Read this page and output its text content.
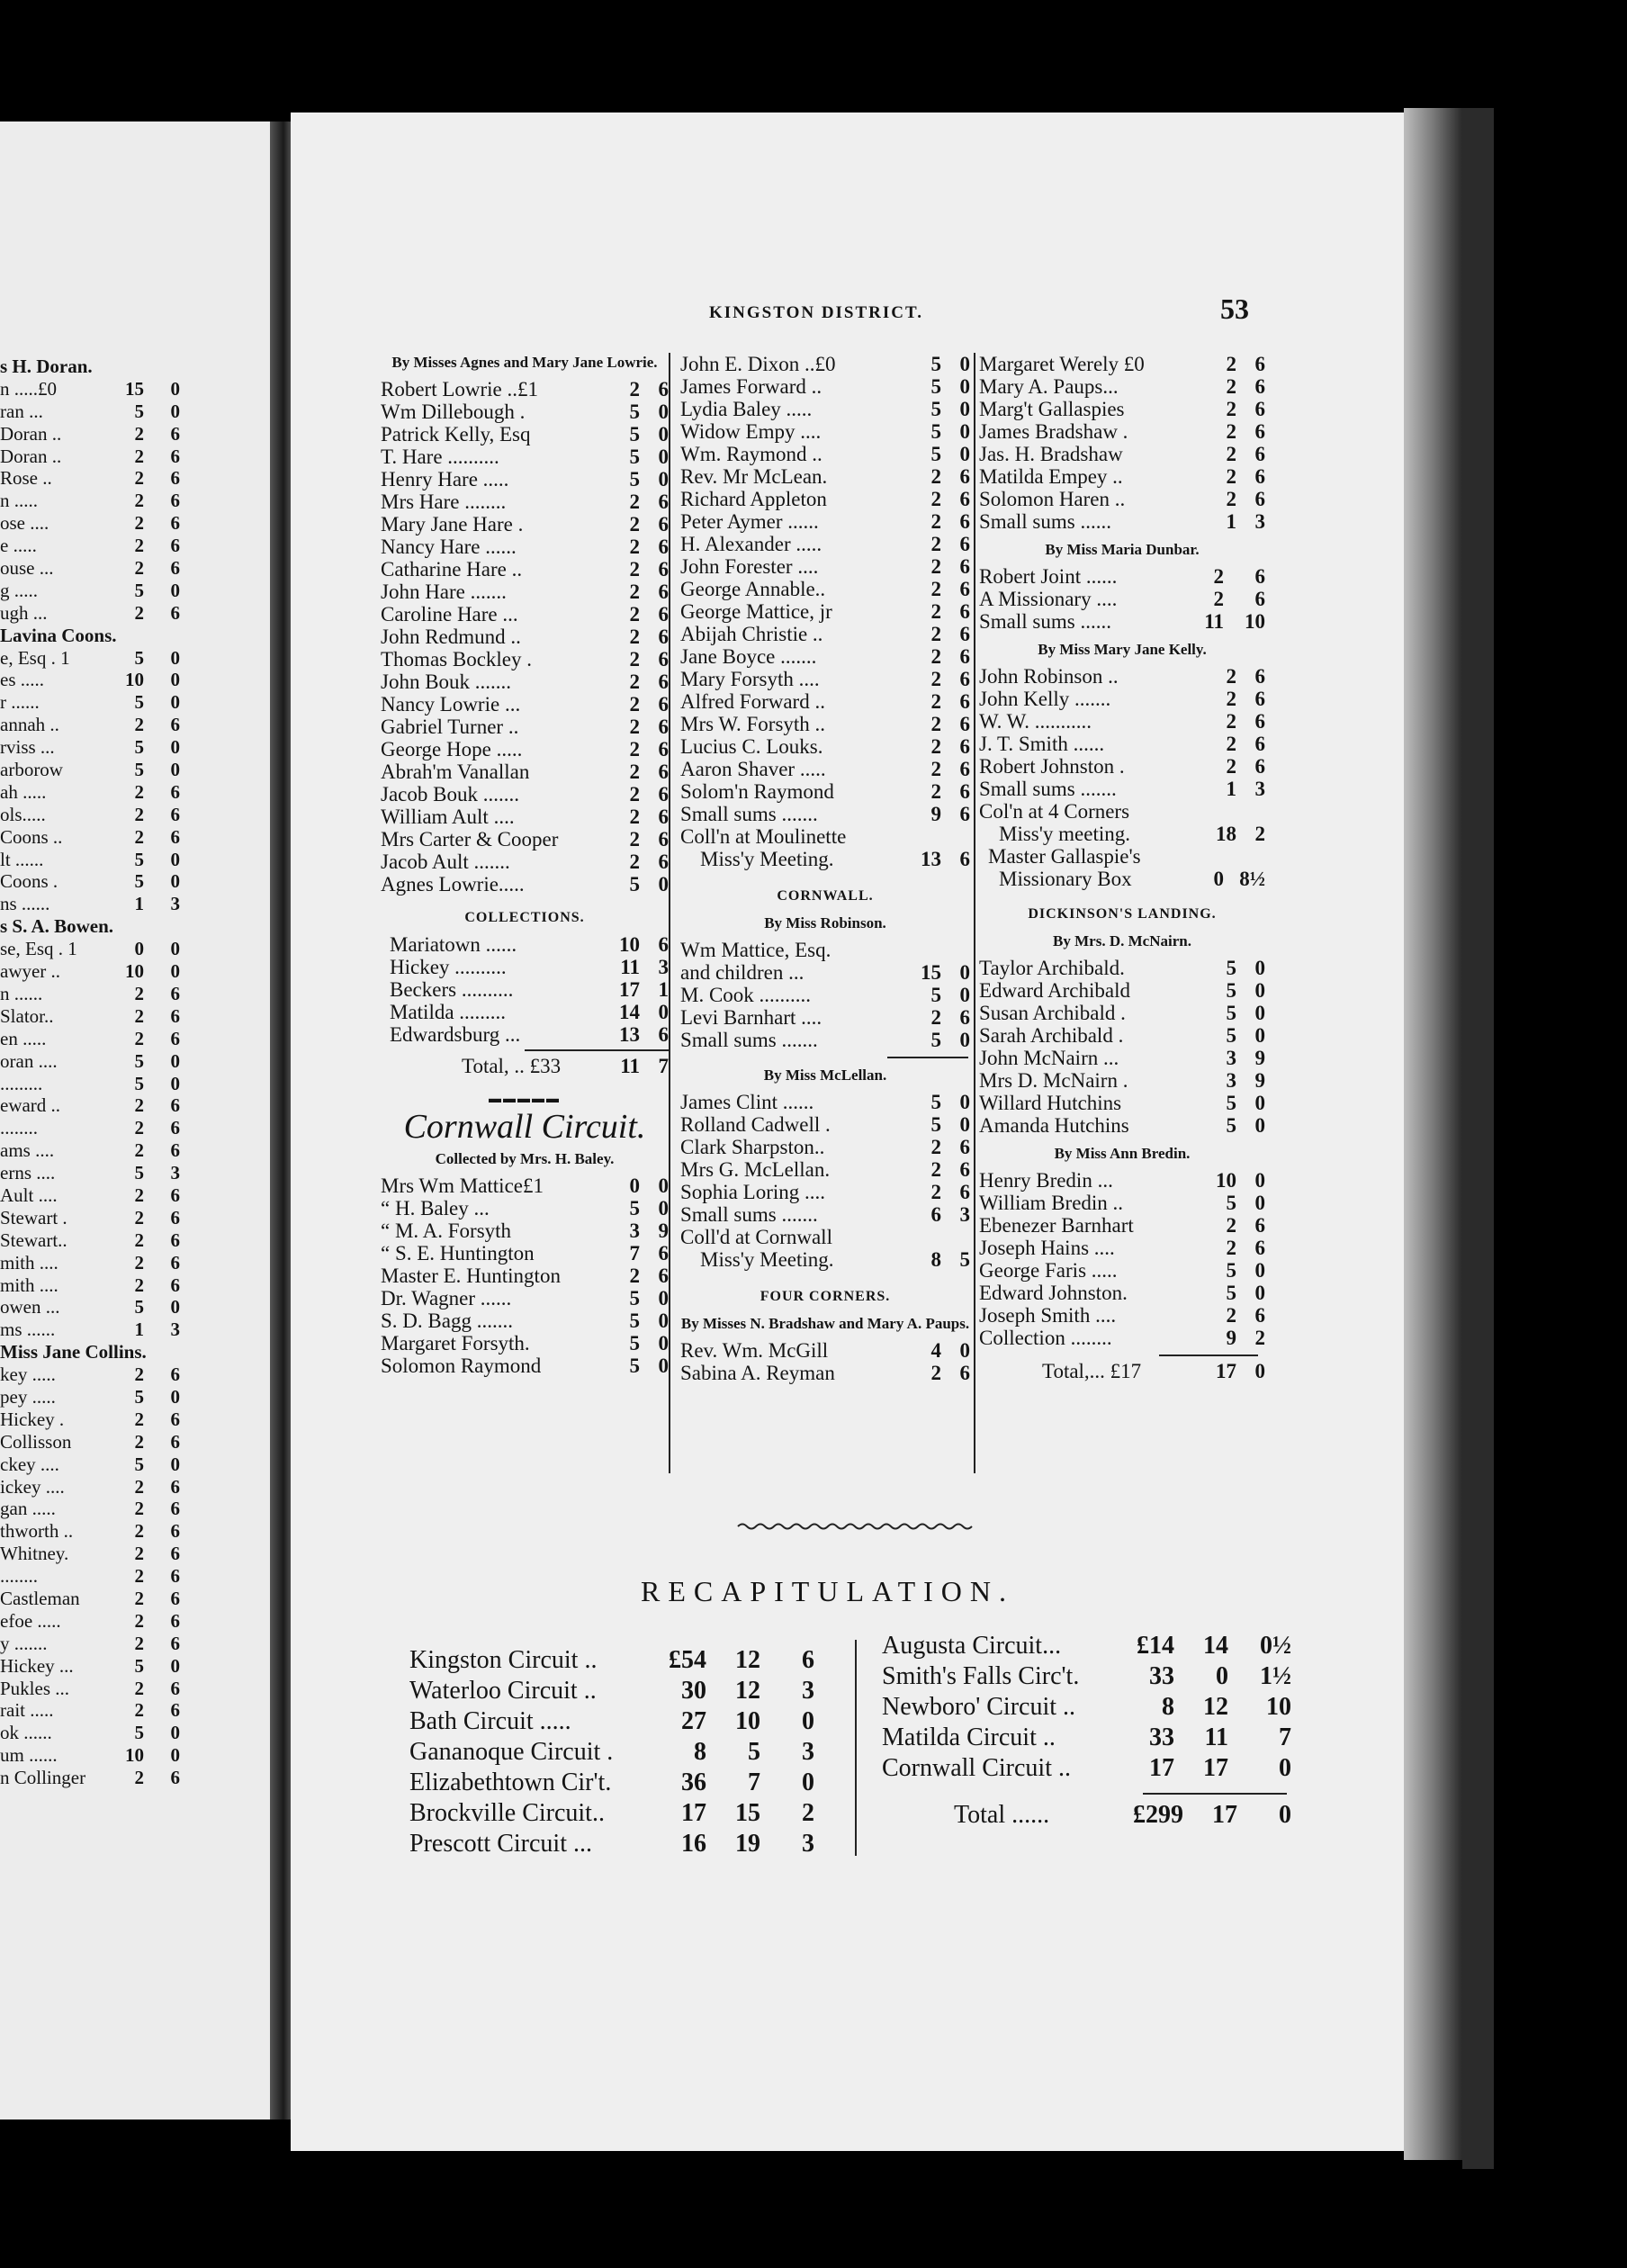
s H. Doran.
n .....£0	15	0
ran ...	5	0
Doran ..	2	6
Doran ..	2	6
Rose ..	2	6
n .....	2	6
ose ....	2	6
e .....	2	6
ouse ...	2	6
g .....	5	0
ugh ...	2	6
Lavina Coons.
e, Esq . 1	5	0
es .....	10	0
r ......	5	0
annah ..	2	6
rviss ...	5	0
arborow	5	0
ah .....	2	6
ols.....	2	6
Coons ..	2	6
lt ......	5	0
Coons .	5	0
ns ......	1	3
s S. A. Bowen.
se, Esq . 1	0	0
awyer ..	10	0
n ......	2	6
Slator..	2	6
en .....	2	6
oran ....	5	0
.........	5	0
eward ..	2	6
........	2	6
ams ....	2	6
erns ....	5	3
Ault ....	2	6
Stewart .	2	6
Stewart..	2	6
mith ....	2	6
mith ....	2	6
owen ...	5	0
ms ......	1	3
Miss Jane Collins.
key .....	2	6
pey .....	5	0
Hickey .	2	6
Collisson	2	6
ckey ....	5	0
ickey ....	2	6
gan .....	2	6
thworth ..	2	6
Whitney.	2	6
........	2	6
Castleman	2	6
efoe .....	2	6
y .......	2	6
Hickey ...	5	0
Pukles ...	2	6
rait .....	2	6
ok ......	5	0
um ......	10	0
n Collinger	2	6
KINGSTON DISTRICT.	53
By Misses Agnes and Mary Jane Lowrie.
Robert Lowrie ..£1	2 6
Wm Dillebough .	5 0
Patrick Kelly, Esq	5 0
T. Hare ..........	5 0
Henry Hare .....	5 0
Mrs Hare ........	2 6
Mary Jane Hare .	2 6
Nancy Hare ......	2 6
Catharine Hare ..	2 6
John Hare .......	2 6
Caroline Hare ...	2 6
John Redmund ..	2 6
Thomas Bockley .	2 6
John Bouk .......	2 6
Nancy Lowrie ...	2 6
Gabriel Turner ..	2 6
George Hope .....	2 6
Abrah'm Vanallan	2 6
Jacob Bouk .......	2 6
William Ault ....	2 6
Mrs Carter & Cooper	2 6
Jacob Ault .......	2 6
Agnes Lowrie.....	5 0
COLLECTIONS.
Mariatown ......	10 6
Hickey ..........	11 3
Beckers ..........	17 1
Matilda .........	14 0
Edwardsburg ...	13 6
Total, .. £33	11 7
▬▬▬▬▬
Cornwall Circuit.
Collected by Mrs. H. Baley.
Mrs Wm Mattice£1	0 0
“ H. Baley ...	5 0
“ M. A. Forsyth	3 9
“ S. E. Huntington	7 6
Master E. Huntington	2 6
Dr. Wagner ......	5 0
S. D. Bagg .......	5 0
Margaret Forsyth.	5 0
Solomon Raymond	5 0
John E. Dixon ..£0	5 0
James Forward ..	5 0
Lydia Baley .....	5 0
Widow Empy ....	5 0
Wm. Raymond ..	5 0
Rev. Mr McLean.	2 6
Richard Appleton	2 6
Peter Aymer ......	2 6
H. Alexander .....	2 6
John Forester ....	2 6
George Annable..	2 6
George Mattice, jr	2 6
Abijah Christie ..	2 6
Jane Boyce .......	2 6
Mary Forsyth ....	2 6
Alfred Forward ..	2 6
Mrs W. Forsyth ..	2 6
Lucius C. Louks.	2 6
Aaron Shaver .....	2 6
Solom'n Raymond	2 6
Small sums .......	9 6
Coll'n at Moulinette
Miss'y Meeting.	13 6
CORNWALL.
By Miss Robinson.
Wm Mattice, Esq.
and children ...	15 0
M. Cook ..........	5 0
Levi Barnhart ....	2 6
Small sums .......	5 0
By Miss McLellan.
James Clint ......	5 0
Rolland Cadwell .	5 0
Clark Sharpston..	2 6
Mrs G. McLellan.	2 6
Sophia Loring ....	2 6
Small sums .......	6 3
Coll'd at Cornwall
Miss'y Meeting.	8 5
FOUR CORNERS.
By Misses N. Bradshaw and Mary A. Paups.
Rev. Wm. McGill	4 0
Sabina A. Reyman	2 6
Margaret Werely £0	2 6
Mary A. Paups...	2 6
Marg't Gallaspies	2 6
James Bradshaw .	2 6
Jas. H. Bradshaw	2 6
Matilda Empey ..	2 6
Solomon Haren ..	2 6
Small sums ......	1 3
By Miss Maria Dunbar.
Robert Joint ......	2	6
A Missionary ....	2	6
Small sums ......	11	10
By Miss Mary Jane Kelly.
John Robinson ..	2 6
John Kelly .......	2 6
W. W. ...........	2 6
J. T. Smith ......	2 6
Robert Johnston .	2 6
Small sums .......	1 3
Col'n at 4 Corners
Miss'y meeting.	18 2
Master Gallaspie's
Missionary Box	0 8½
DICKINSON'S LANDING.
By Mrs. D. McNairn.
Taylor Archibald.	5 0
Edward Archibald	5 0
Susan Archibald .	5 0
Sarah Archibald .	5 0
John McNairn ...	3 9
Mrs D. McNairn .	3 9
Willard Hutchins	5 0
Amanda Hutchins	5 0
By Miss Ann Bredin.
Henry Bredin ...	10 0
William Bredin ..	5 0
Ebenezer Barnhart	2 6
Joseph Hains ....	2 6
George Faris .....	5 0
Edward Johnston.	5 0
Joseph Smith ....	2 6
Collection ........	9 2
Total,... £17	17 0
RECAPITULATION.
Kingston Circuit ..	£54	12	6
Waterloo Circuit ..	30	12	3
Bath Circuit .....	27	10	0
Gananoque Circuit .	8	5	3
Elizabethtown Cir't.	36	7	0
Brockville Circuit..	17	15	2
Prescott Circuit ...	16	19	3
Augusta Circuit...	£14	14	0½
Smith's Falls Circ't.	33	0	1½
Newboro' Circuit ..	8	12	10
Matilda Circuit ..	33	11	7
Cornwall Circuit ..	17	17	0
Total ......	£299	17	0
